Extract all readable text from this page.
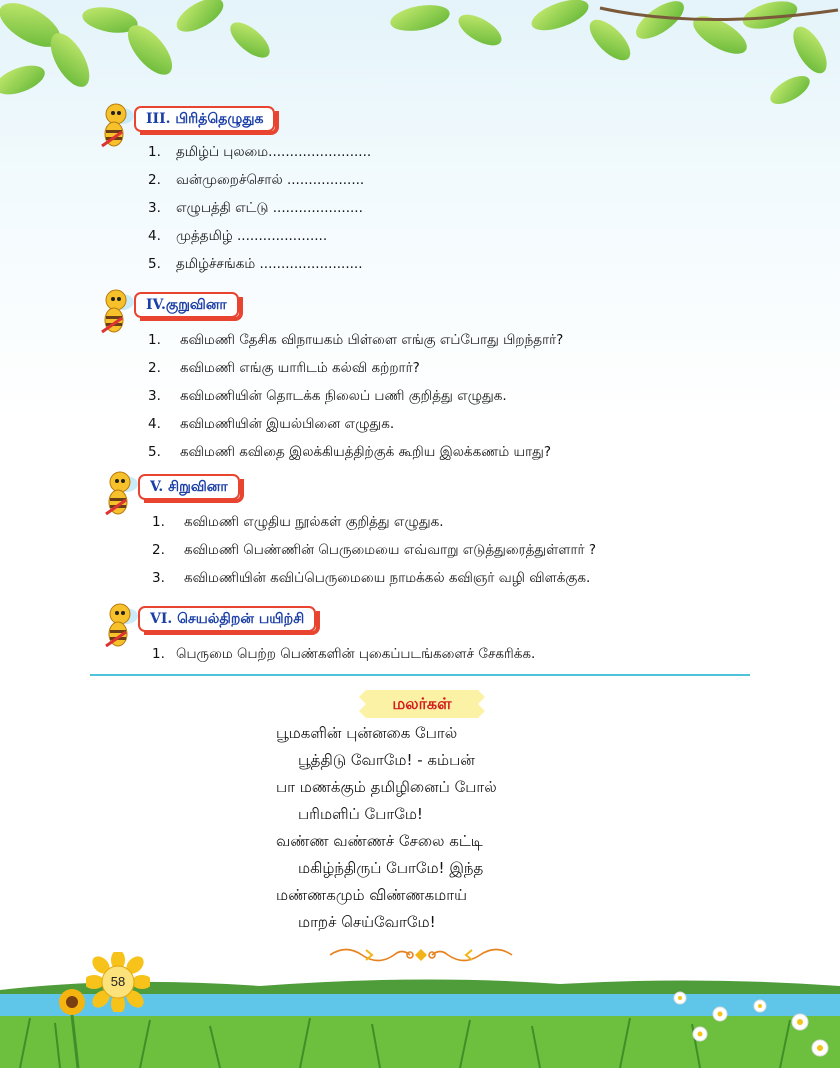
III. பிரித்தெழுதுக
1. தமிழ்ப் புலமை........................
2. வன்முறைச்சொல் ..................
3. எழுபத்தி எட்டு .....................
4. முத்தமிழ் .....................
5. தமிழ்ச்சங்கம் ........................
IV.குறுவினா
1. கவிமணி தேசிக விநாயகம் பிள்ளை எங்கு எப்போது பிறந்தார்?
2. கவிமணி எங்கு யாரிடம் கல்வி கற்றார்?
3. கவிமணியின் தொடக்க நிலைப் பணி குறித்து எழுதுக.
4. கவிமணியின் இயல்பினை எழுதுக.
5. கவிமணி கவிதை இலக்கியத்திற்குக் கூறிய இலக்கணம் யாது?
V. சிறுவினா
1. கவிமணி எழுதிய நூல்கள் குறித்து எழுதுக.
2. கவிமணி பெண்ணின் பெருமையை எவ்வாறு எடுத்துரைத்துள்ளார் ?
3. கவிமணியின் கவிப்பெருமையை நாமக்கல் கவிஞர் வழி விளக்குக.
VI. செயல்திறன் பயிற்சி
1. பெருமை பெற்ற பெண்களின் புகைப்படங்களைச் சேகரிக்க.
மலர்கள்
பூமகளின் புன்னகை போல்
பூத்திடு வோமே! - கம்பன்
பா மணக்கும் தமிழினைப் போல்
பரிமளிப் போமே!
வண்ண வண்ணச் சேலை கட்டி
மகிழ்ந்திருப் போமே! இந்த
மண்ணகமும் விண்ணகமாய்
மாறச் செய்வோமே!
58
